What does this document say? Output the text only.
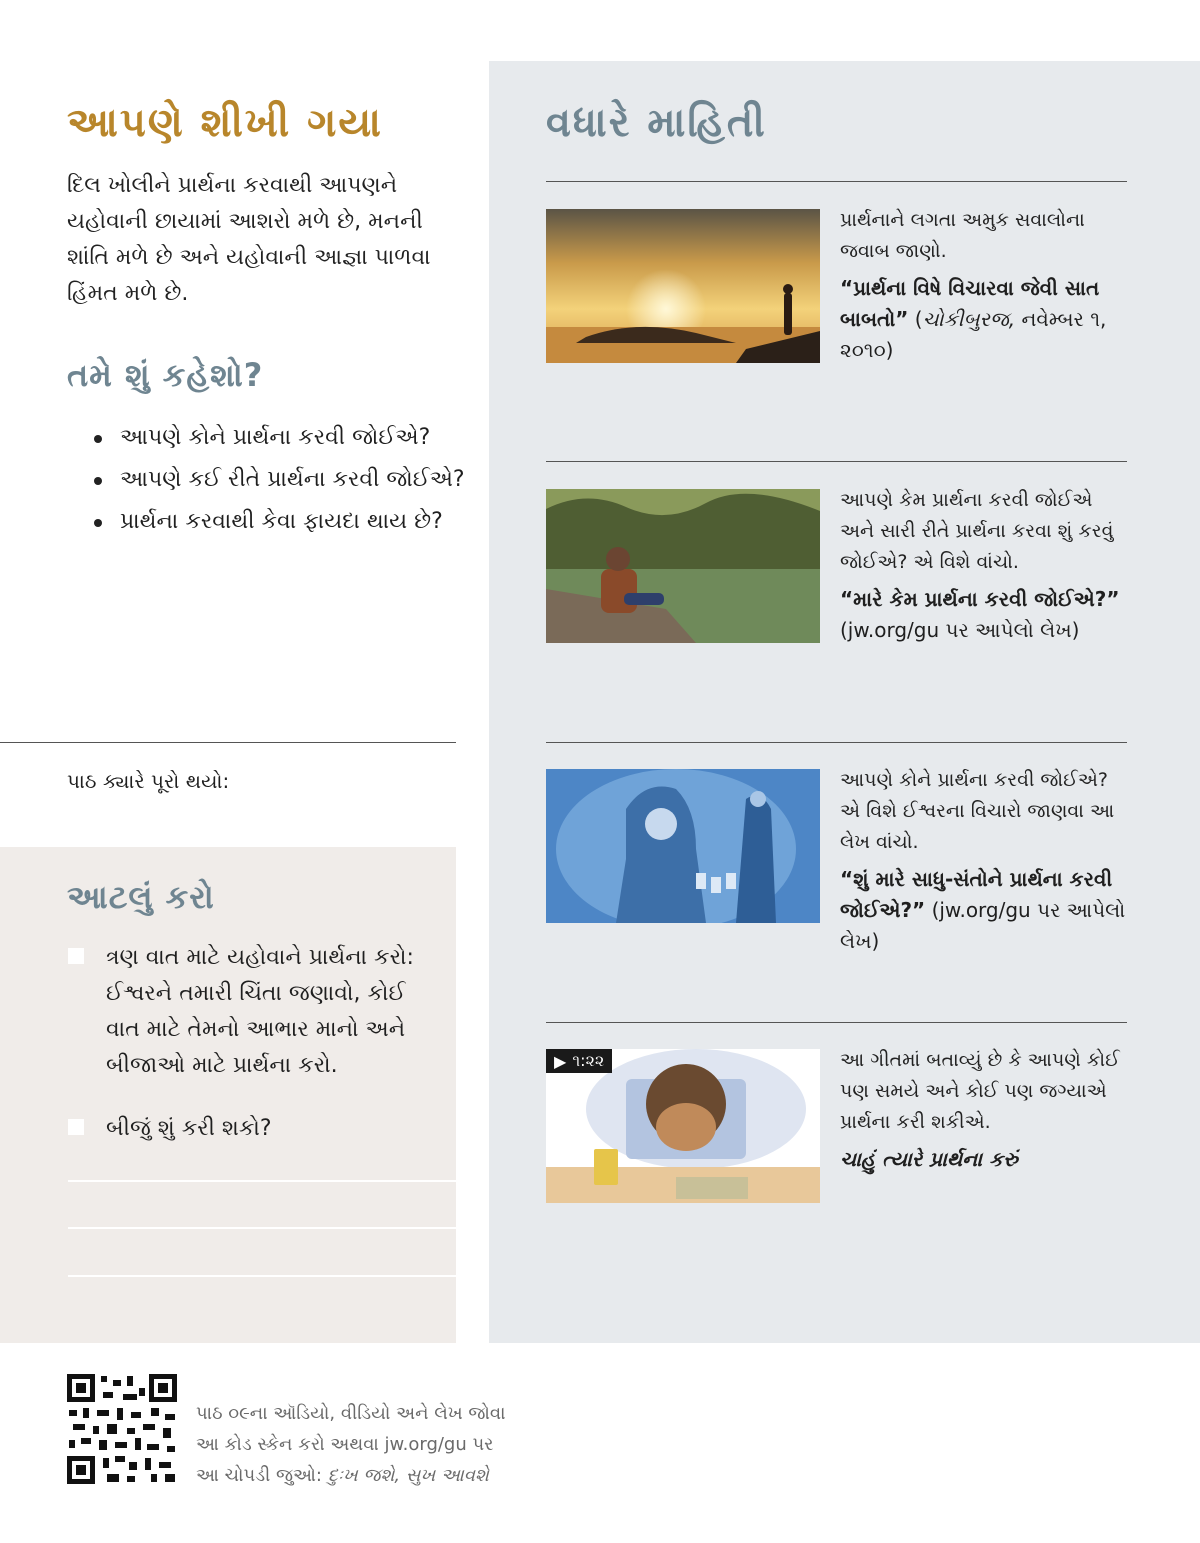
આપણે શીખી ગયા
દિલ ખોલીને પ્રાર્થના કરવાથી આપણને યહોવાની છાયામાં આશરો મળે છે, મનની શાંતિ મળે છે અને યહોવાની આજ્ઞા પાળવા હિંમત મળે છે.
તમે શું કહેશો?
આપણે કોને પ્રાર્થના કરવી જોઈએ?
આપણે કઈ રીતે પ્રાર્થના કરવી જોઈએ?
પ્રાર્થના કરવાથી કેવા ફાયદા થાય છે?
પાઠ ક્યારે પૂરો થયો:
આટલું કરો
ત્રણ વાત માટે યહોવાને પ્રાર્થના કરો: ઈશ્વરને તમારી ચિંતા જણાવો, કોઈ વાત માટે તેમનો આભાર માનો અને બીજાઓ માટે પ્રાર્થના કરો.
બીજું શું કરી શકો?
વધારે માહિતી
પ્રાર્થનાને લગતા અમુક સવાલોના જવાબ જાણો.
“પ્રાર્થના વિષે વિચારવા જેવી સાત બાબતો” (ચોકીબુરજ, નવેમ્બર ૧, ૨૦૧૦)
આપણે કેમ પ્રાર્થના કરવી જોઈએ અને સારી રીતે પ્રાર્થના કરવા શું કરવું જોઈએ? એ વિશે વાંચો.
“મારે કેમ પ્રાર્થના કરવી જોઈએ?”
(jw.org/gu પર આપેલો લેખ)
આપણે કોને પ્રાર્થના કરવી જોઈએ? એ વિશે ઈશ્વરના વિચારો જાણવા આ લેખ વાંચો.
“શું મારે સાધુ-સંતોને પ્રાર્થના કરવી જોઈએ?” (jw.org/gu પર આપેલો લેખ)
▶ ૧:૨૨	આ ગીતમાં બતાવ્યું છે કે આપણે કોઈ પણ સમયે અને કોઈ પણ જગ્યાએ પ્રાર્થના કરી શકીએ.
ચાહું ત્યારે પ્રાર્થના કરું
પાઠ ૦૯ના ઑડિયો, વીડિયો અને લેખ જોવા
આ કોડ સ્કેન કરો અથવા jw.org/gu પર
આ ચોપડી જુઓ: દુઃખ જશે, સુખ આવશે
